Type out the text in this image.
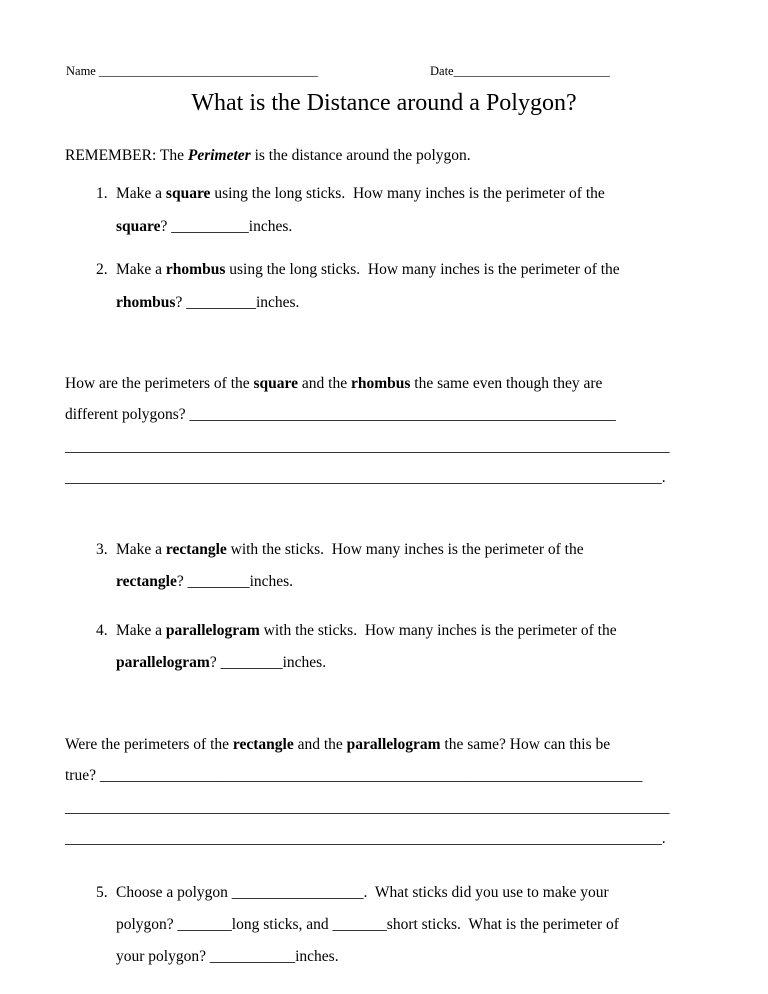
Name ___________________________________	Date_________________________
What is the Distance around a Polygon?
REMEMBER: The Perimeter is the distance around the polygon.
1. Make a square using the long sticks.  How many inches is the perimeter of the
square? __________inches.
2. Make a rhombus using the long sticks.  How many inches is the perimeter of the
rhombus? _________inches.
How are the perimeters of the square and the rhombus the same even though they are
different polygons? _______________________________________________________
______________________________________________________________________________
_____________________________________________________________________________.
3. Make a rectangle with the sticks.  How many inches is the perimeter of the
rectangle? ________inches.
4. Make a parallelogram with the sticks.  How many inches is the perimeter of the
parallelogram? ________inches.
Were the perimeters of the rectangle and the parallelogram the same? How can this be
true? ______________________________________________________________________
______________________________________________________________________________
_____________________________________________________________________________.
5. Choose a polygon _________________.  What sticks did you use to make your
polygon? _______long sticks, and _______short sticks.  What is the perimeter of
your polygon? ___________inches.
